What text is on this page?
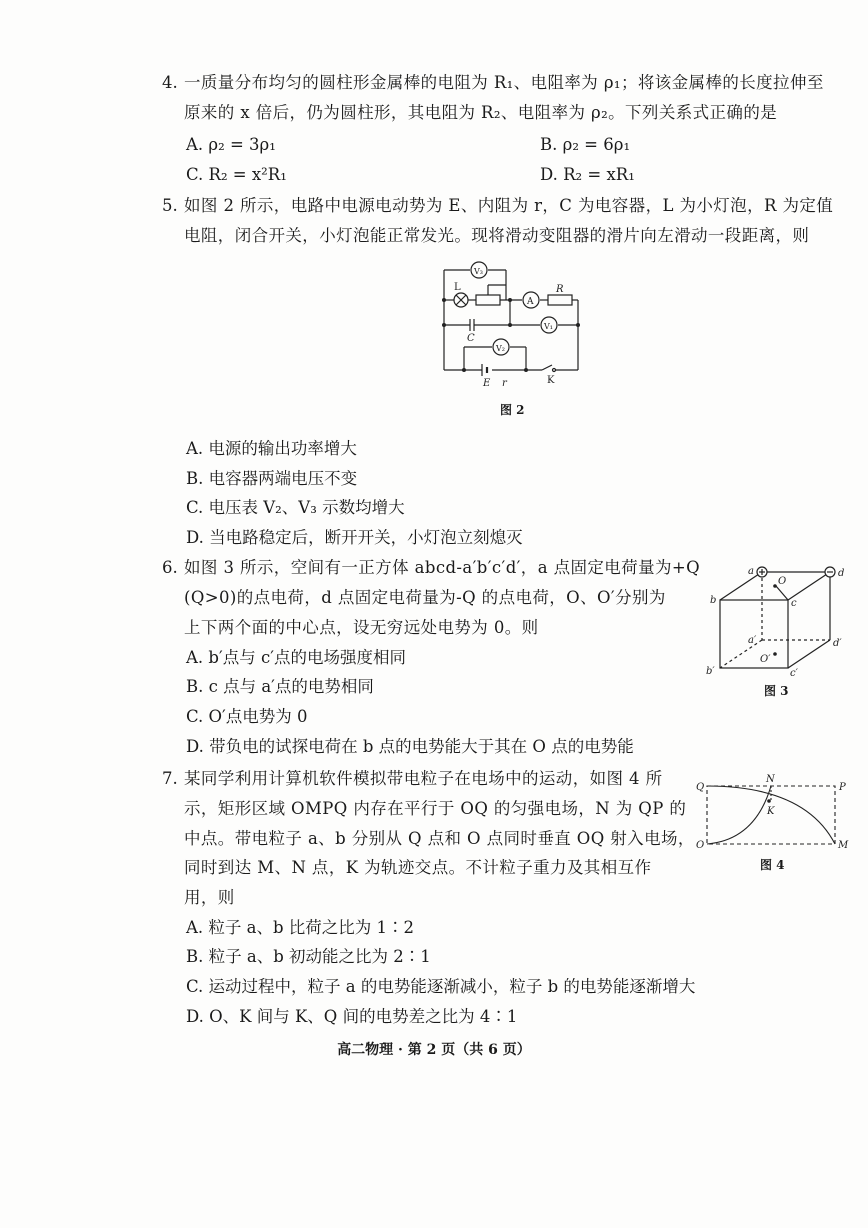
4. 一质量分布均匀的圆柱形金属棒的电阻为 R₁、电阻率为 ρ₁；将该金属棒的长度拉伸至
原来的 x 倍后，仍为圆柱形，其电阻为 R₂、电阻率为 ρ₂。下列关系式正确的是
A. ρ₂ = 3ρ₁	B. ρ₂ = 6ρ₁
C. R₂ = x²R₁	D. R₂ = xR₁
5. 如图 2 所示，电路中电源电动势为 E、内阻为 r，C 为电容器，L 为小灯泡，R 为定值
电阻，闭合开关，小灯泡能正常发光。现将滑动变阻器的滑片向左滑动一段距离，则
L
V₃
A
R
V₁
C
V₂
E r	K
图 2
A. 电源的输出功率增大
B. 电容器两端电压不变
C. 电压表 V₂、V₃ 示数均增大
D. 当电路稳定后，断开开关，小灯泡立刻熄灭
6. 如图 3 所示，空间有一正方体 abcd-a′b′c′d′，a 点固定电荷量为+Q
(Q>0)的点电荷，d 点固定电荷量为-Q 的点电荷，O、O′分别为
上下两个面的中心点，设无穷远处电势为 0。则
A. b′点与 c′点的电场强度相同
B. c 点与 a′点的电势相同
C. O′点电势为 0
D. 带负电的试探电荷在 b 点的电势能大于其在 O 点的电势能
a	d
O
b	c
a′	d′
O′
b′	c′
图 3
7. 某同学利用计算机软件模拟带电粒子在电场中的运动，如图 4 所
示，矩形区域 OMPQ 内存在平行于 OQ 的匀强电场，N 为 QP 的
中点。带电粒子 a、b 分别从 Q 点和 O 点同时垂直 OQ 射入电场，
同时到达 M、N 点，K 为轨迹交点。不计粒子重力及其相互作
用，则
A. 粒子 a、b 比荷之比为 1∶2
B. 粒子 a、b 初动能之比为 2∶1
C. 运动过程中，粒子 a 的电势能逐渐减小，粒子 b 的电势能逐渐增大
D. O、K 间与 K、Q 间的电势差之比为 4∶1
Q
N
P
K
O	M
图 4
高二物理 · 第 2 页（共 6 页）
